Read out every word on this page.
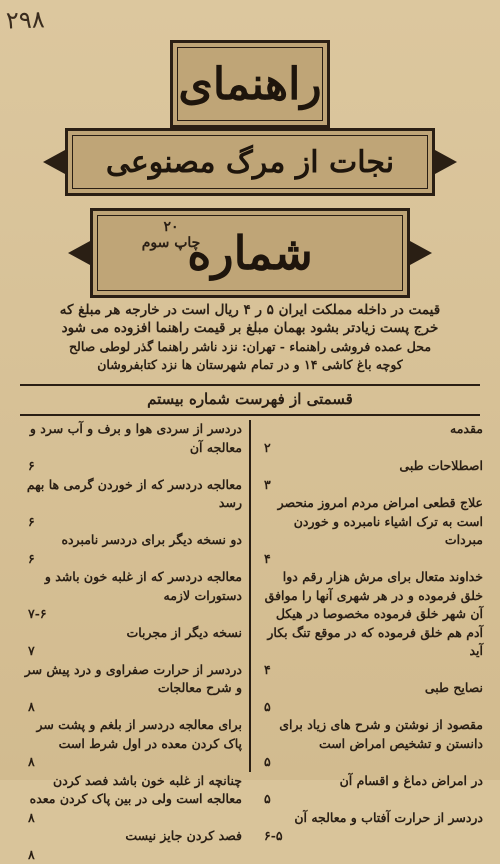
۲۹۸
راهنمای
نجات از مرگ مصنوعی
شماره
۲۰
چاپ سوم
قیمت در داخله مملکت ایران ۵ ر ۴ ریال است در خارجه هر مبلغ که
خرج پست زیادتر بشود بهمان مبلغ بر قیمت راهنما افزوده می شود
محل عمده فروشی راهنماء - تهران: نزد ناشر راهنما گذر لوطی صالح
کوچه باغ کاشی ۱۴ و در تمام شهرستان ها نزد کتابفروشان
قسمتی از فهرست شماره بیستم
مقدمه
۲
اصطلاحات طبی
۳
علاج قطعی امراض مردم امروز منحصر است به ترک اشیاء نامبرده و خوردن مبردات
۴
خداوند متعال برای مرش هزار رقم دوا خلق فرموده و در هر شهری آنها را موافق آن شهر خلق فرموده مخصوصا در هیکل آدم هم خلق فرموده که در موقع تنگ بکار آید
۴
نصایح طبی
۵
مقصود از نوشتن و شرح های زیاد برای دانستن و تشخیص امراض است
۵
در امراض دماغ و اقسام آن
۵
دردسر از حرارت آفتاب و معالجه آن
۶-۵
دردسر از سردی هوا و برف و آب سرد و معالجه آن
۶
معالجه دردسر که از خوردن گرمی ها بهم رسد
۶
دو نسخه دیگر برای دردسر نامبرده
۶
معالجه دردسر که از غلبه خون باشد و دستورات لازمه
۷-۶
نسخه دیگر از مجربات
۷
دردسر از حرارت صفراوی و درد پیش سر و شرح معالجات
۸
برای معالجه دردسر از بلغم و پشت سر پاک کردن معده در اول شرط است
۸
چنانچه از غلبه خون باشد فصد کردن معالجه است ولی در بین پاک کردن معده
۸
فصد کردن جایز نیست
۸
